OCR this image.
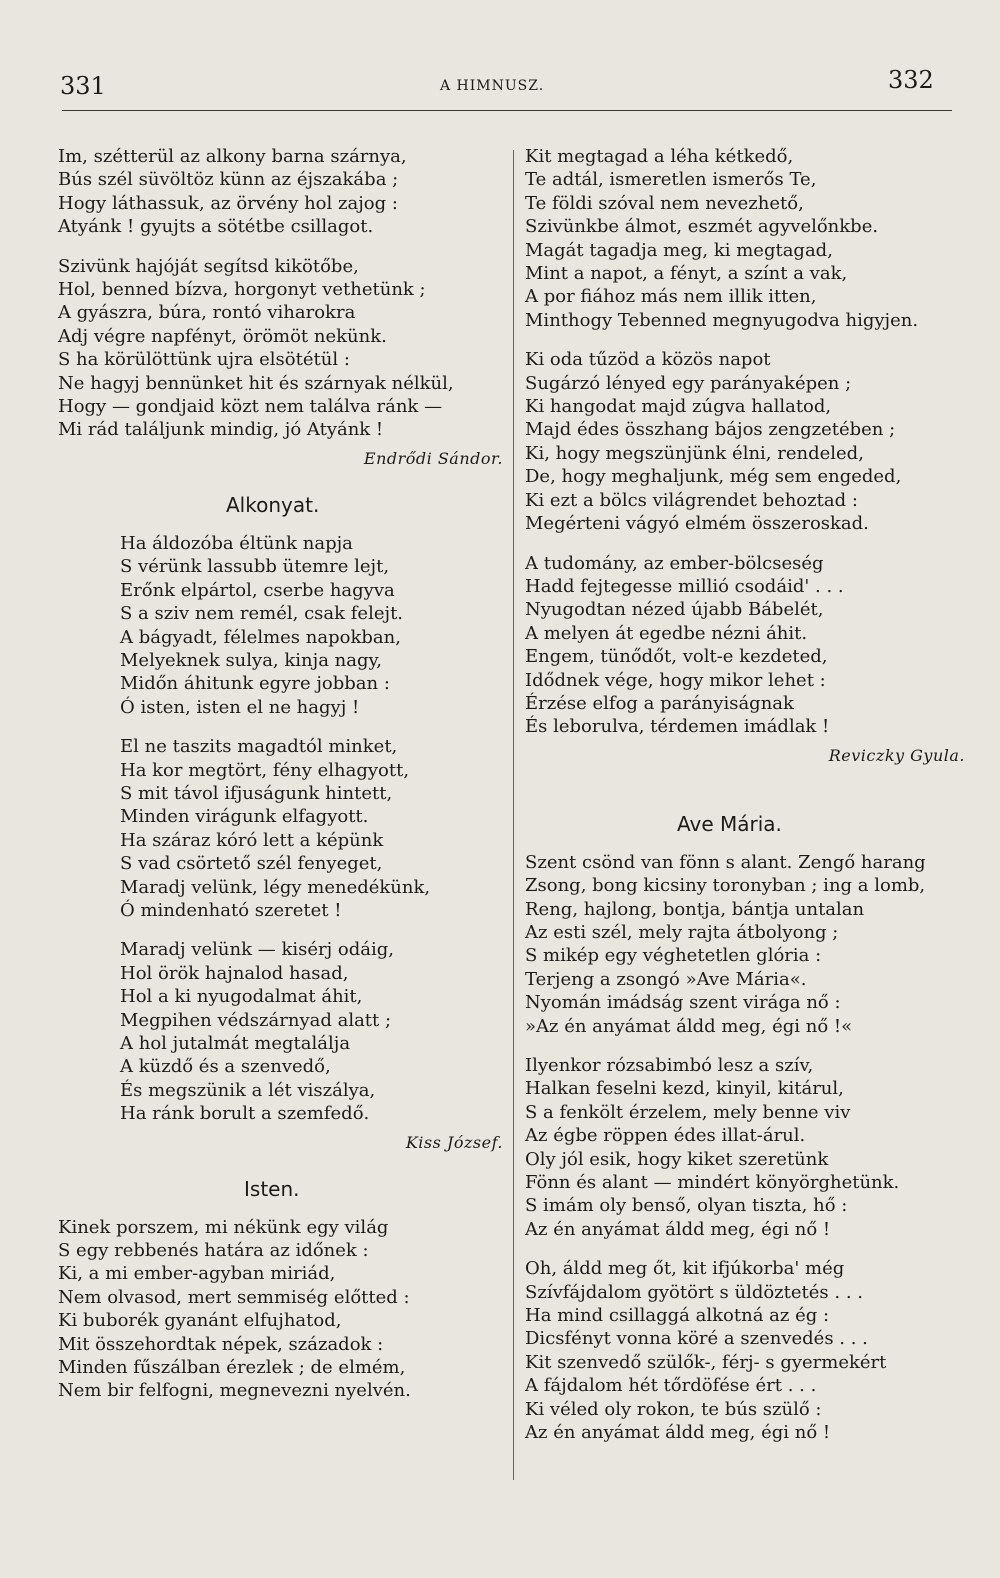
331	A HIMNUSZ.	332
Im, szétterül az alkony barna szárnya,
Bús szél süvöltöz künn az éjszakába ;
Hogy láthassuk, az örvény hol zajog :
Atyánk ! gyujts a sötétbe csillagot.
Szivünk hajóját segítsd kikötőbe,
Hol, benned bízva, horgonyt vethetünk ;
A gyászra, búra, rontó viharokra
Adj végre napfényt, örömöt nekünk.
S ha körülöttünk ujra elsötétül :
Ne hagyj bennünket hit és szárnyak nélkül,
Hogy — gondjaid közt nem találva ránk —
Mi rád találjunk mindig, jó Atyánk !
Endrődi Sándor.
Alkonyat.
Ha áldozóba éltünk napja
S vérünk lassubb ütemre lejt,
Erőnk elpártol, cserbe hagyva
S a sziv nem remél, csak felejt.
A bágyadt, félelmes napokban,
Melyeknek sulya, kinja nagy,
Midőn áhitunk egyre jobban :
Ó isten, isten el ne hagyj !
El ne taszits magadtól minket,
Ha kor megtört, fény elhagyott,
S mit távol ifjuságunk hintett,
Minden virágunk elfagyott.
Ha száraz kóró lett a képünk
S vad csörtető szél fenyeget,
Maradj velünk, légy menedékünk,
Ó mindenható szeretet !
Maradj velünk — kisérj odáig,
Hol örök hajnalod hasad,
Hol a ki nyugodalmat áhit,
Megpihen védszárnyad alatt ;
A hol jutalmát megtalálja
A küzdő és a szenvedő,
És megszünik a lét viszálya,
Ha ránk borult a szemfedő.
Kiss József.
Isten.
Kinek porszem, mi nékünk egy világ
S egy rebbenés határa az időnek :
Ki, a mi ember-agyban miriád,
Nem olvasod, mert semmiség előtted :
Ki buborék gyanánt elfujhatod,
Mit összehordtak népek, századok :
Minden fűszálban érezlek ; de elmém,
Nem bir felfogni, megnevezni nyelvén.
Kit megtagad a léha kétkedő,
Te adtál, ismeretlen ismerős Te,
Te földi szóval nem nevezhető,
Szivünkbe álmot, eszmét agyvelőnkbe.
Magát tagadja meg, ki megtagad,
Mint a napot, a fényt, a színt a vak,
A por fiához más nem illik itten,
Minthogy Tebenned megnyugodva higyjen.
Ki oda tűzöd a közös napot
Sugárzó lényed egy parányaképen ;
Ki hangodat majd zúgva hallatod,
Majd édes összhang bájos zengzetében ;
Ki, hogy megszünjünk élni, rendeled,
De, hogy meghaljunk, még sem engeded,
Ki ezt a bölcs világrendet behoztad :
Megérteni vágyó elmém összeroskad.
A tudomány, az ember-bölcseség
Hadd fejtegesse millió csodáid' . . .
Nyugodtan nézed újabb Bábelét,
A melyen át egedbe nézni áhit.
Engem, tünődőt, volt-e kezdeted,
Idődnek vége, hogy mikor lehet :
Érzése elfog a parányiságnak
És leborulva, térdemen imádlak !
Reviczky Gyula.
Ave Mária.
Szent csönd van fönn s alant. Zengő harang
Zsong, bong kicsiny toronyban ; ing a lomb,
Reng, hajlong, bontja, bántja untalan
Az esti szél, mely rajta átbolyong ;
S mikép egy véghetetlen glória :
Terjeng a zsongó »Ave Mária«.
Nyomán imádság szent virága nő :
»Az én anyámat áldd meg, égi nő !«
Ilyenkor rózsabimbó lesz a szív,
Halkan feselni kezd, kinyil, kitárul,
S a fenkölt érzelem, mely benne viv
Az égbe röppen édes illat-árul.
Oly jól esik, hogy kiket szeretünk
Fönn és alant — mindért könyörghetünk.
S imám oly benső, olyan tiszta, hő :
Az én anyámat áldd meg, égi nő !
Oh, áldd meg őt, kit ifjúkorba' még
Szívfájdalom gyötört s üldöztetés . . .
Ha mind csillaggá alkotná az ég :
Dicsfényt vonna köré a szenvedés . . .
Kit szenvedő szülők-, férj- s gyermekért
A fájdalom hét tőrdöfése ért . . .
Ki véled oly rokon, te bús szülő :
Az én anyámat áldd meg, égi nő !
